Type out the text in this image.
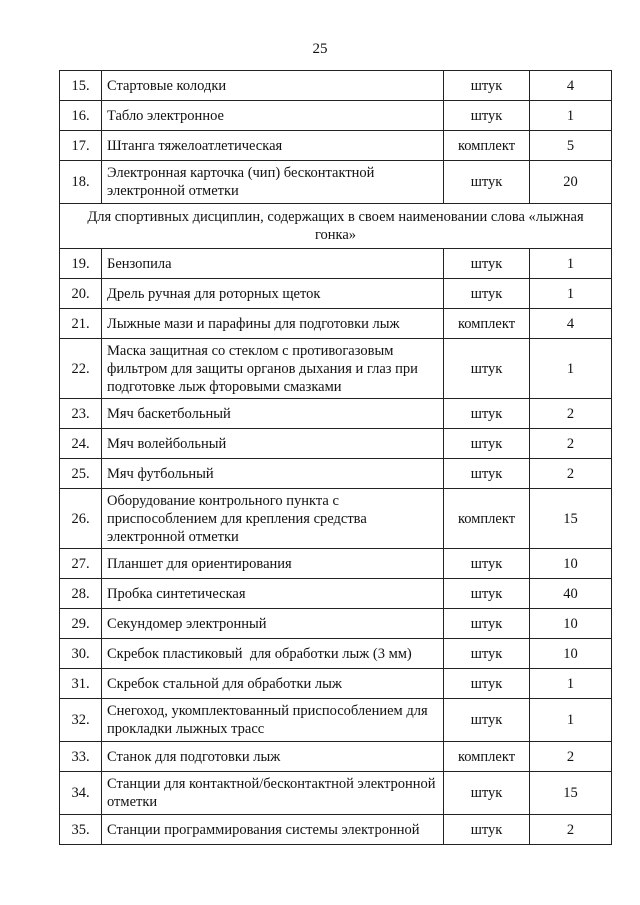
25
15.	Стартовые колодки	штук	4
16.	Табло электронное	штук	1
17.	Штанга тяжелоатлетическая	комплект	5
18.	Электронная карточка (чип) бесконтактной электронной отметки	штук	20
Для спортивных дисциплин, содержащих в своем наименовании слова «лыжная гонка»			
19.	Бензопила	штук	1
20.	Дрель ручная для роторных щеток	штук	1
21.	Лыжные мази и парафины для подготовки лыж	комплект	4
22.	Маска защитная со стеклом с противогазовым фильтром для защиты органов дыхания и глаз при подготовке лыж фторовыми смазками	штук	1
23.	Мяч баскетбольный	штук	2
24.	Мяч волейбольный	штук	2
25.	Мяч футбольный	штук	2
26.	Оборудование контрольного пункта с приспособлением для крепления средства электронной отметки	комплект	15
27.	Планшет для ориентирования	штук	10
28.	Пробка синтетическая	штук	40
29.	Секундомер электронный	штук	10
30.	Скребок пластиковый  для обработки лыж (3 мм)	штук	10
31.	Скребок стальной для обработки лыж	штук	1
32.	Снегоход, укомплектованный приспособлением для прокладки лыжных трасс	штук	1
33.	Станок для подготовки лыж	комплект	2
34.	Станции для контактной/бесконтактной электронной отметки	штук	15
35.	Станции программирования системы электронной	штук	2
